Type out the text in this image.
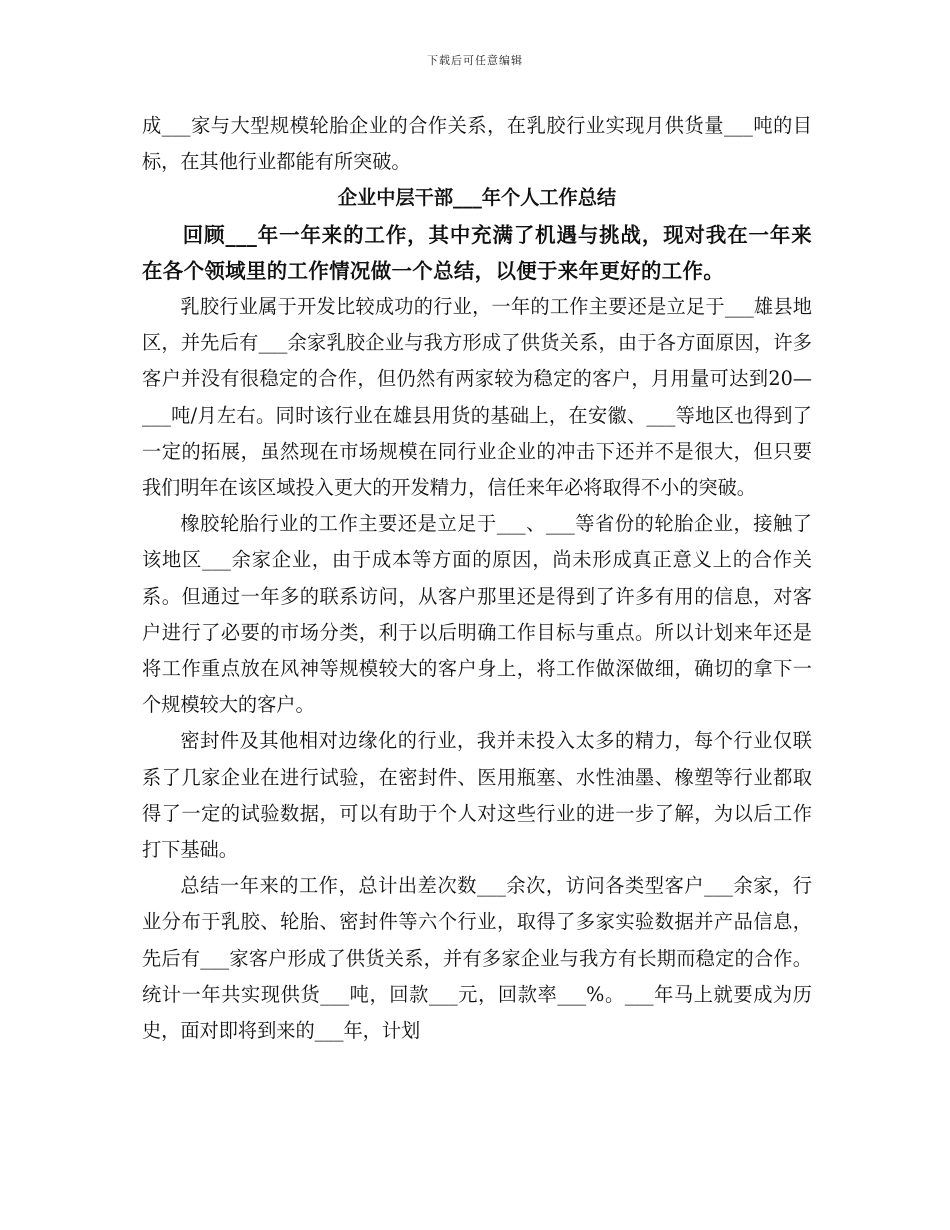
下载后可任意编辑

成___家与大型规模轮胎企业的合作关系，在乳胶行业实现月供货量___吨的目标，在其他行业都能有所突破。

企业中层干部___年个人工作总结

回顾___年一年来的工作，其中充满了机遇与挑战，现对我在一年来在各个领域里的工作情况做一个总结，以便于来年更好的工作。

乳胶行业属于开发比较成功的行业，一年的工作主要还是立足于___雄县地区，并先后有___余家乳胶企业与我方形成了供货关系，由于各方面原因，许多客户并没有很稳定的合作，但仍然有两家较为稳定的客户，月用量可达到20—___吨/月左右。同时该行业在雄县用货的基础上，在安徽、___等地区也得到了一定的拓展，虽然现在市场规模在同行业企业的冲击下还并不是很大，但只要我们明年在该区域投入更大的开发精力，信任来年必将取得不小的突破。

橡胶轮胎行业的工作主要还是立足于___、___等省份的轮胎企业，接触了该地区___余家企业，由于成本等方面的原因，尚未形成真正意义上的合作关系。但通过一年多的联系访问，从客户那里还是得到了许多有用的信息，对客户进行了必要的市场分类，利于以后明确工作目标与重点。所以计划来年还是将工作重点放在风神等规模较大的客户身上，将工作做深做细，确切的拿下一个规模较大的客户。

密封件及其他相对边缘化的行业，我并未投入太多的精力，每个行业仅联系了几家企业在进行试验，在密封件、医用瓶塞、水性油墨、橡塑等行业都取得了一定的试验数据，可以有助于个人对这些行业的进一步了解，为以后工作打下基础。

总结一年来的工作，总计出差次数___余次，访问各类型客户___余家，行业分布于乳胶、轮胎、密封件等六个行业，取得了多家实验数据并产品信息，先后有___家客户形成了供货关系，并有多家企业与我方有长期而稳定的合作。统计一年共实现供货___吨，回款___元，回款率___%。___年马上就要成为历史，面对即将到来的___年，计划
